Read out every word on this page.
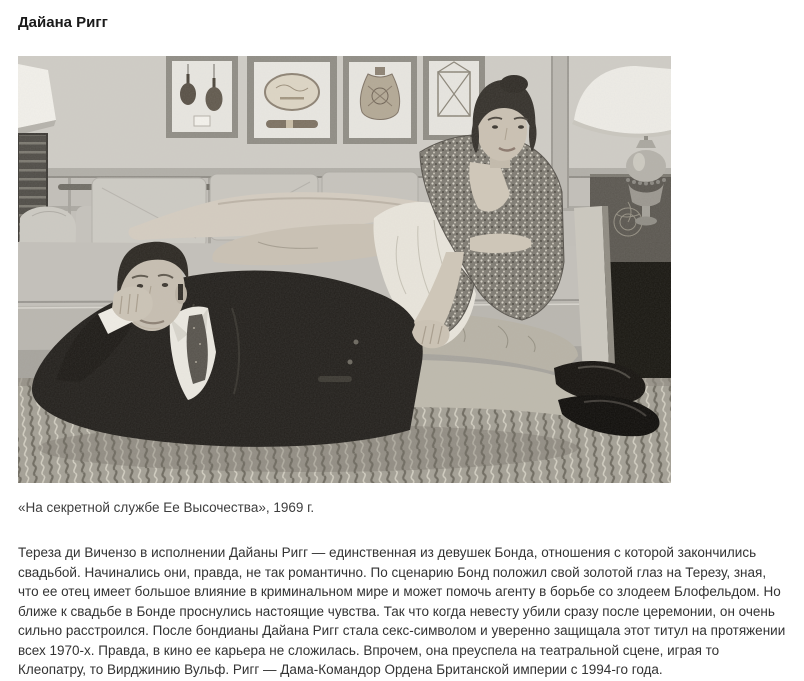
Дайана Ригг

«На секретной службе Ее Высочества», 1969 г.

Тереза ди Вичензо в исполнении Дайаны Ригг — единственная из девушек Бонда, отношения с которой закончились свадьбой. Начинались они, правда, не так романтично. По сценарию Бонд положил свой золотой глаз на Терезу, зная, что ее отец имеет большое влияние в криминальном мире и может помочь агенту в борьбе со злодеем Блофельдом. Но ближе к свадьбе в Бонде проснулись настоящие чувства. Так что когда невесту убили сразу после церемонии, он очень сильно расстроился. После бондианы Дайана Ригг стала секс-символом и уверенно защищала этот титул на протяжении всех 1970-х. Правда, в кино ее карьера не сложилась. Впрочем, она преуспела на театральной сцене, играя то Клеопатру, то Вирджинию Вульф. Ригг — Дама-Командор Ордена Британской империи с 1994-го года.
